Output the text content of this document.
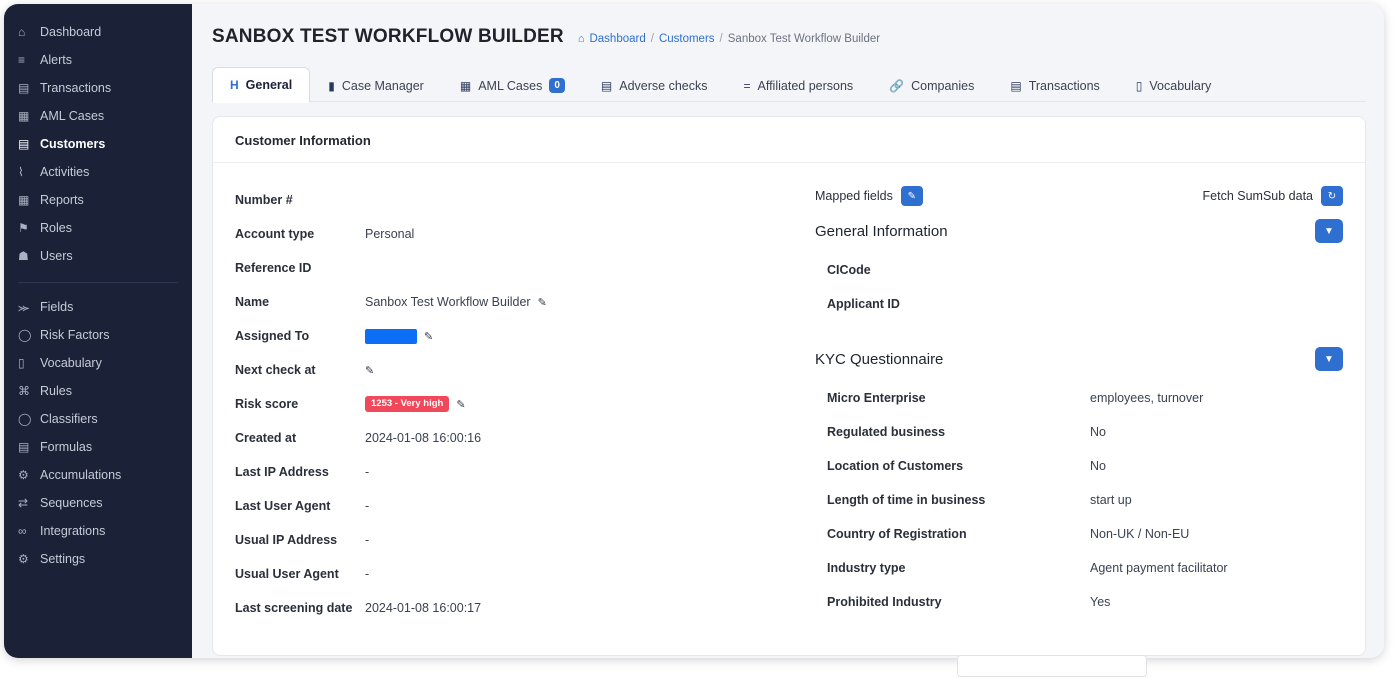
⌂	Dashboard
≡	Alerts
▤ Transactions
▦ AML Cases
▤ Customers
⌇	Activities
▦ Reports
⚑ Roles
☗ Users
⪼ Fields
◯ Risk Factors
▯	Vocabulary
⌘ Rules
◯ Classifiers
▤ Formulas
⚙ Accumulations
⇄ Sequences
∞	Integrations
⚙ Settings
SANBOX TEST WORKFLOW BUILDER ⌂ Dashboard / Customers / Sanbox Test Workflow Builder
H General	▮ Case Manager	▦ AML Cases	0	▤ Adverse checks	= Affiliated persons	🔗 Companies	▤ Transactions	▯ Vocabulary
Customer Information
Number #
Account type	Personal
Reference ID
Name	Sanbox Test Workflow Builder ✎
Assigned To	✎
Next check at	✎
Risk score	1253 - Very high	✎
Created at	2024-01-08 16:00:16
Last IP Address	-
Last User Agent	-
Usual IP Address	-
Usual User Agent	-
Last screening date	2024-01-08 16:00:17
Mapped fields	✎	Fetch SumSub data	↻
General Information	▼
CICode
Applicant ID
KYC Questionnaire	▼
Micro Enterprise	employees, turnover
Regulated business	No
Location of Customers	No
Length of time in business	start up
Country of Registration	Non-UK / Non-EU
Industry type	Agent payment facilitator
Prohibited Industry	Yes
